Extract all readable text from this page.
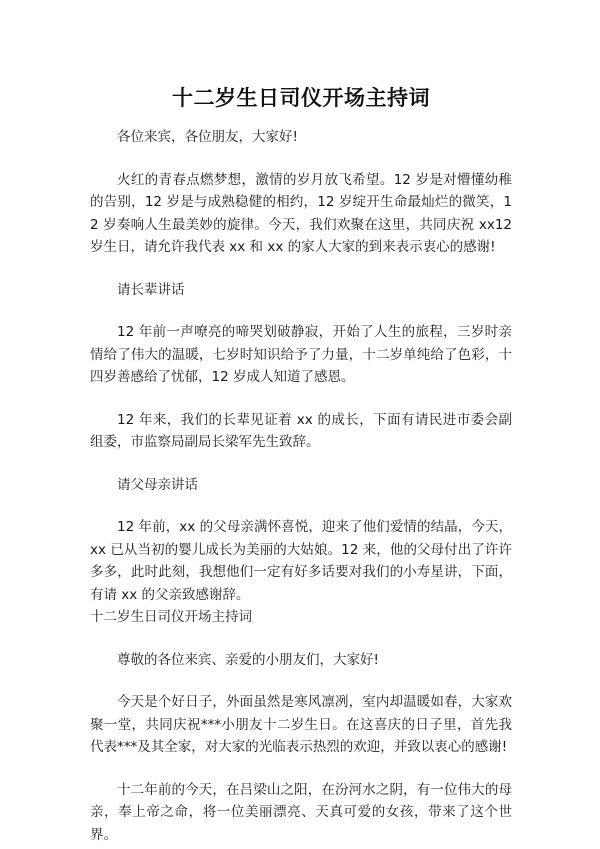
十二岁生日司仪开场主持词

各位来宾，各位朋友，大家好!

火红的青春点燃梦想，激情的岁月放飞希望。12 岁是对懵懂幼稚的告别，12 岁是与成熟稳健的相约，12 岁绽开生命最灿烂的微笑，12 岁奏响人生最美妙的旋律。今天，我们欢聚在这里，共同庆祝 xx12 岁生日，请允许我代表 xx 和 xx 的家人大家的到来表示衷心的感谢!

请长辈讲话

12 年前一声嘹亮的啼哭划破静寂，开始了人生的旅程，三岁时亲情给了伟大的温暖，七岁时知识给予了力量，十二岁单纯给了色彩，十四岁善感给了忧郁，12 岁成人知道了感恩。

12 年来，我们的长辈见证着 xx 的成长，下面有请民进市委会副组委，市监察局副局长梁军先生致辞。

请父母亲讲话

12 年前，xx 的父母亲满怀喜悦，迎来了他们爱情的结晶，今天，xx 已从当初的婴儿成长为美丽的大姑娘。12 来，他的父母付出了许许多多，此时此刻，我想他们一定有好多话要对我们的小寿星讲，下面，有请 xx 的父亲致感谢辞。

十二岁生日司仪开场主持词

尊敬的各位来宾、亲爱的小朋友们，大家好!

今天是个好日子，外面虽然是寒风凛冽，室内却温暖如春，大家欢聚一堂，共同庆祝***小朋友十二岁生日。在这喜庆的日子里，首先我代表***及其全家，对大家的光临表示热烈的欢迎，并致以衷心的感谢!

十二年前的今天，在吕梁山之阳，在汾河水之阴，有一位伟大的母亲，奉上帝之命，将一位美丽漂亮、天真可爱的女孩，带来了这个世界。
